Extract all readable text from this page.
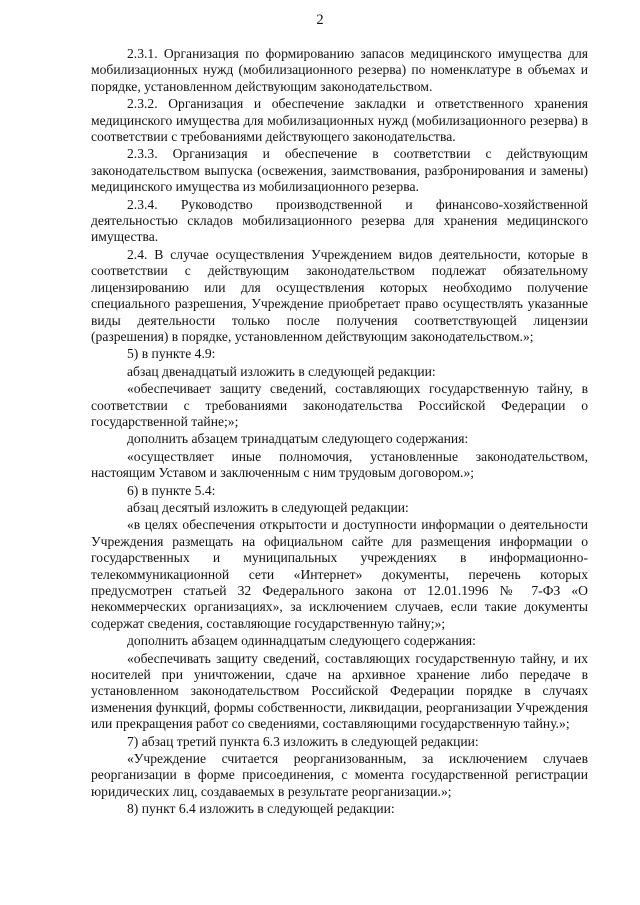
2

2.3.1. Организация по формированию запасов медицинского имущества для мобилизационных нужд (мобилизационного резерва) по номенклатуре в объемах и порядке, установленном действующим законодательством.

2.3.2. Организация и обеспечение закладки и ответственного хранения медицинского имущества для мобилизационных нужд (мобилизационного резерва) в соответствии с требованиями действующего законодательства.

2.3.3. Организация и обеспечение в соответствии с действующим законодательством выпуска (освежения, заимствования, разбронирования и замены) медицинского имущества из мобилизационного резерва.

2.3.4. Руководство производственной и финансово-хозяйственной деятельностью складов мобилизационного резерва для хранения медицинского имущества.

2.4. В случае осуществления Учреждением видов деятельности, которые в соответствии с действующим законодательством подлежат обязательному лицензированию или для осуществления которых необходимо получение специального разрешения, Учреждение приобретает право осуществлять указанные виды деятельности только после получения соответствующей лицензии (разрешения) в порядке, установленном действующим законодательством.»;

5) в пункте 4.9:

абзац двенадцатый изложить в следующей редакции:

«обеспечивает защиту сведений, составляющих государственную тайну, в соответствии с требованиями законодательства Российской Федерации о государственной тайне;»;

дополнить абзацем тринадцатым следующего содержания:

«осуществляет иные полномочия, установленные законодательством, настоящим Уставом и заключенным с ним трудовым договором.»;

6) в пункте 5.4:

абзац десятый изложить в следующей редакции:

«в целях обеспечения открытости и доступности информации о деятельности Учреждения размещать на официальном сайте для размещения информации о государственных и муниципальных учреждениях в информационно-телекоммуникационной сети «Интернет» документы, перечень которых предусмотрен статьей 32 Федерального закона от 12.01.1996 № 7-ФЗ «О некоммерческих организациях», за исключением случаев, если такие документы содержат сведения, составляющие государственную тайну;»;

дополнить абзацем одиннадцатым следующего содержания:

«обеспечивать защиту сведений, составляющих государственную тайну, и их носителей при уничтожении, сдаче на архивное хранение либо передаче в установленном законодательством Российской Федерации порядке в случаях изменения функций, формы собственности, ликвидации, реорганизации Учреждения или прекращения работ со сведениями, составляющими государственную тайну.»;

7) абзац третий пункта 6.3 изложить в следующей редакции:

«Учреждение считается реорганизованным, за исключением случаев реорганизации в форме присоединения, с момента государственной регистрации юридических лиц, создаваемых в результате реорганизации.»;

8) пункт 6.4 изложить в следующей редакции:
